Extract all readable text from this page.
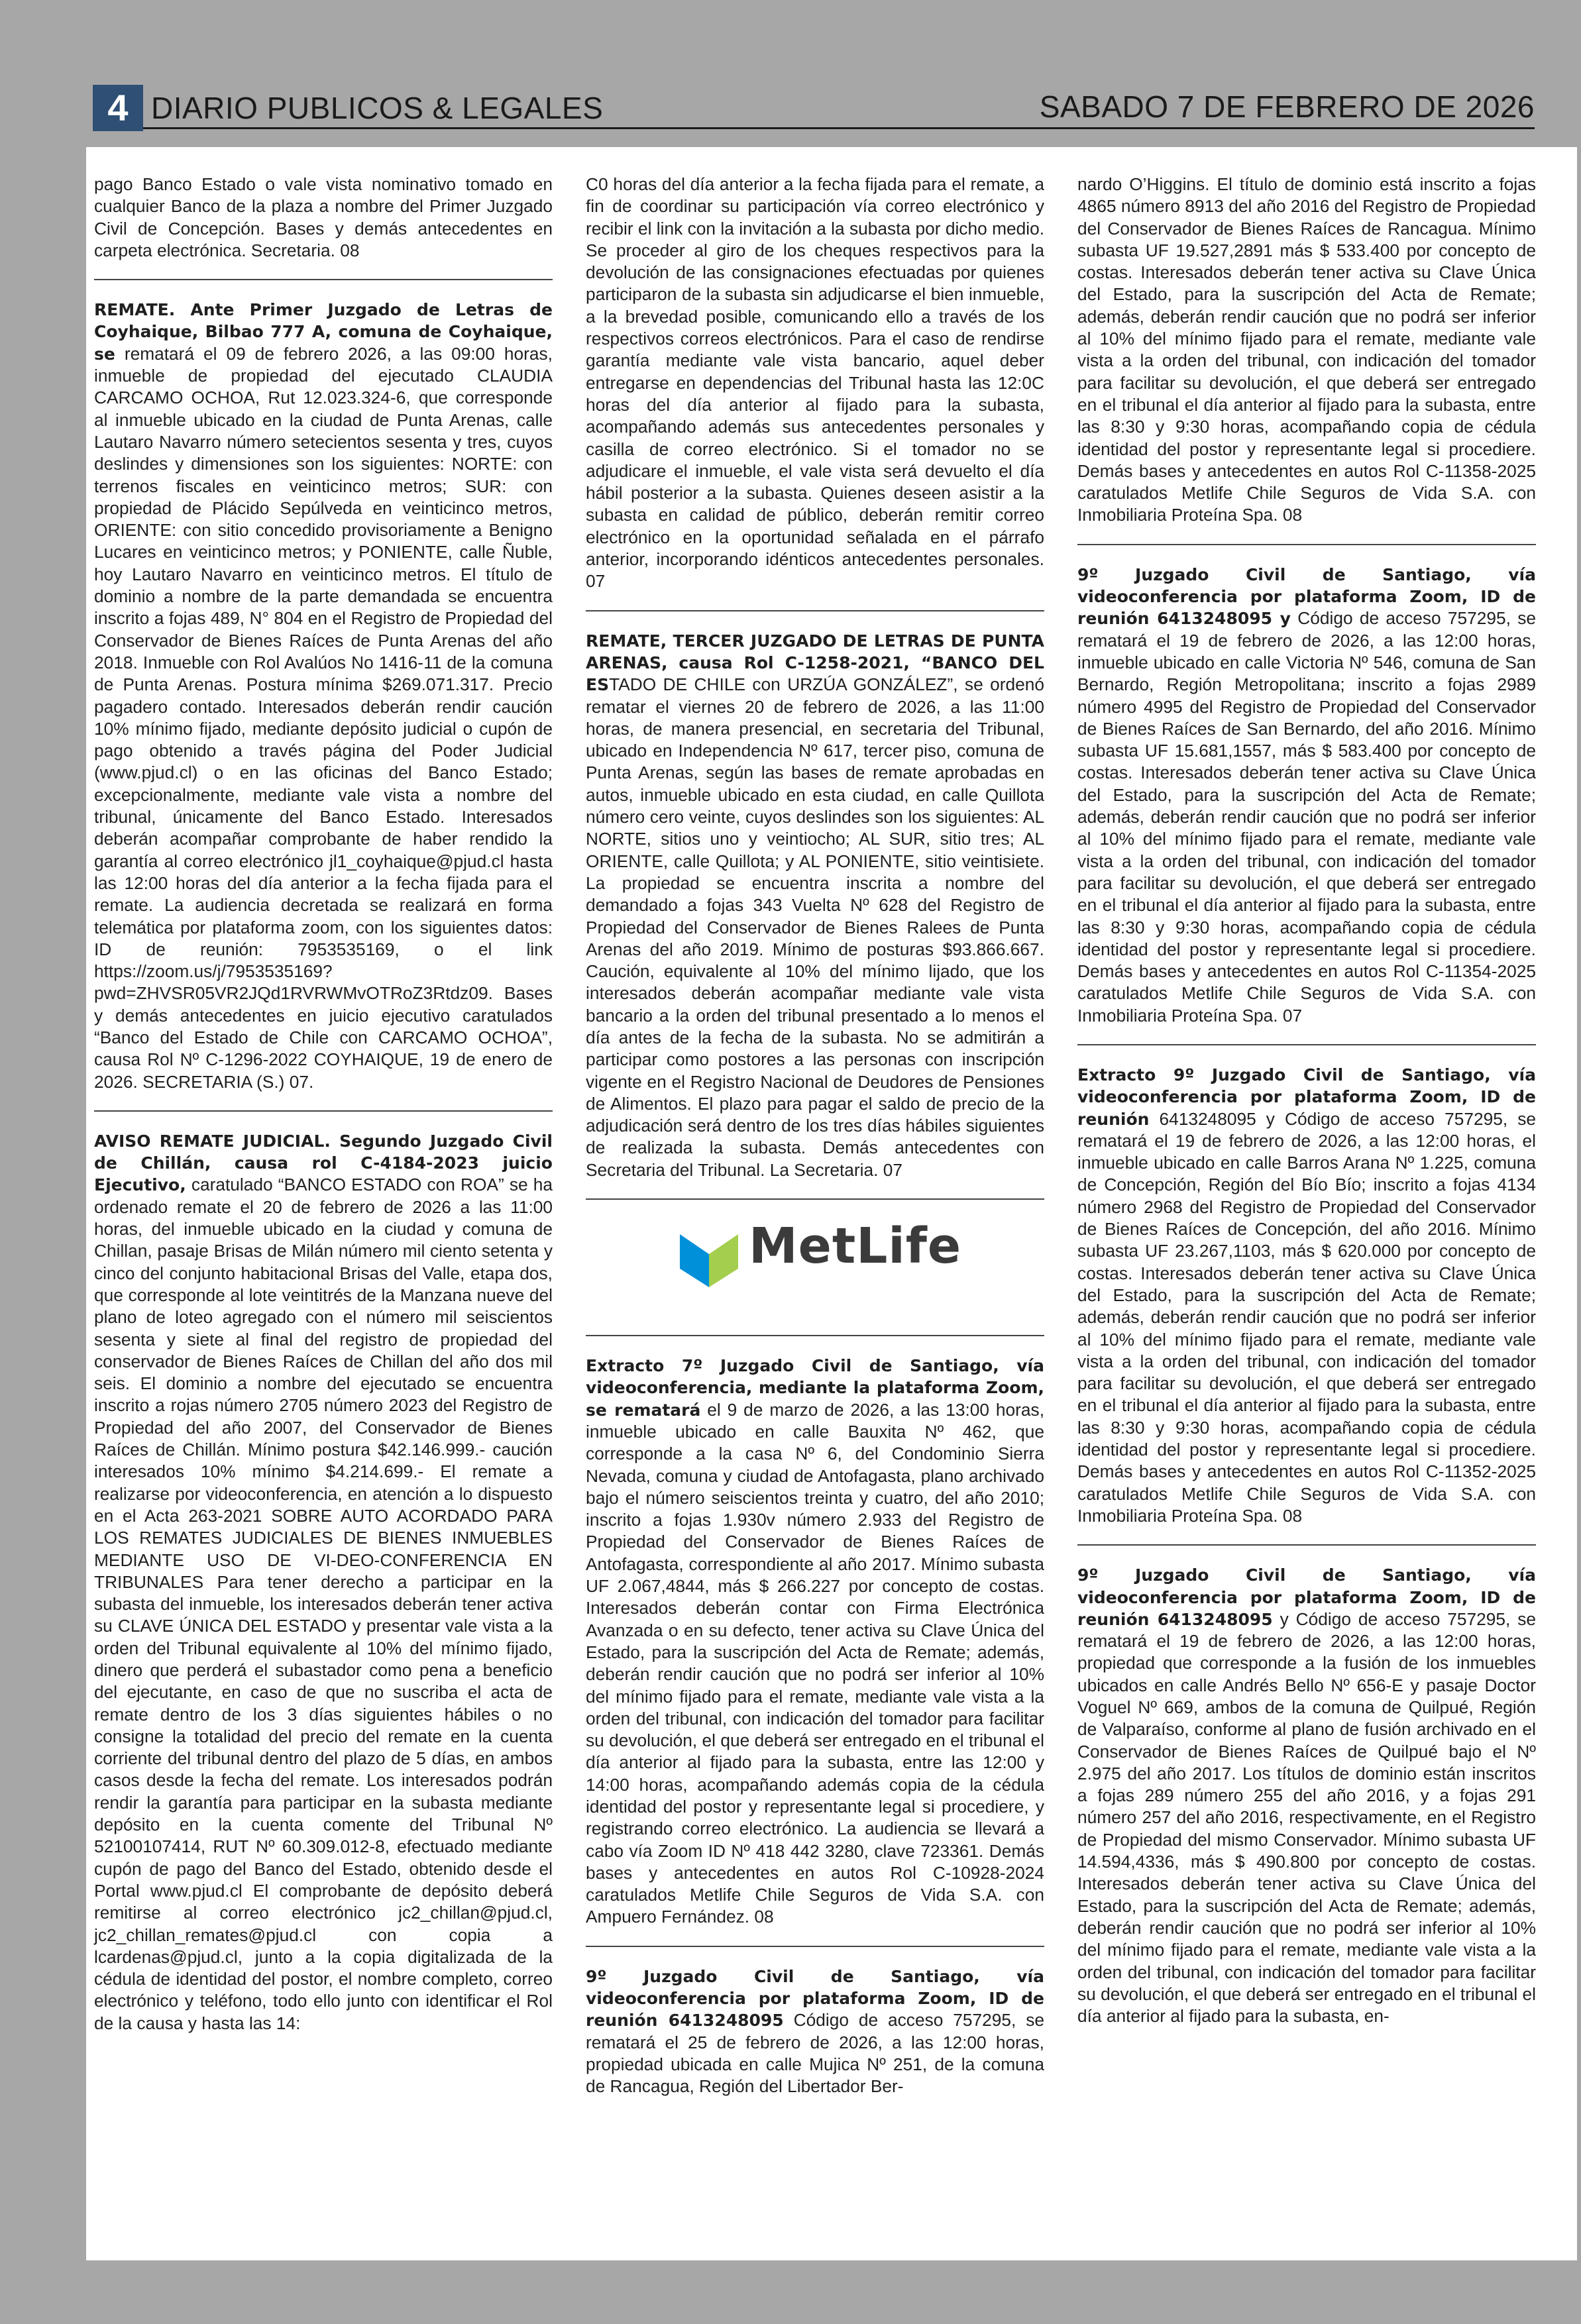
4 DIARIO PUBLICOS & LEGALES	SABADO 7 DE FEBRERO DE 2026

pago Banco Estado o vale vista nominativo tomado en cualquier Banco de la plaza a nombre del Primer Juzgado Civil de Concepción. Bases y demás antecedentes en carpeta electrónica. Secretaria. 08

REMATE. Ante Primer Juzgado de Letras de Coyhaique, Bilbao 777 A, comuna de Coyhaique, se rematará el 09 de febrero 2026, a las 09:00 horas, inmueble de propiedad del ejecutado CLAUDIA CARCAMO OCHOA, Rut 12.023.324-6, que corresponde al inmueble ubicado en la ciudad de Punta Arenas, calle Lautaro Navarro número setecientos sesenta y tres, cuyos deslindes y dimensiones son los siguientes: NORTE: con terrenos fiscales en veinticinco metros; SUR: con propiedad de Plácido Sepúlveda en veinticinco metros, ORIENTE: con sitio concedido provisoriamente a Benigno Lucares en veinticinco metros; y PONIENTE, calle Ñuble, hoy Lautaro Navarro en veinticinco metros. El título de dominio a nombre de la parte demandada se encuentra inscrito a fojas 489, N° 804 en el Registro de Propiedad del Conservador de Bienes Raíces de Punta Arenas del año 2018. Inmueble con Rol Avalúos No 1416-11 de la comuna de Punta Arenas. Postura mínima $269.071.317. Precio pagadero contado. Interesados deberán rendir caución 10% mínimo fijado, mediante depósito judicial o cupón de pago obtenido a través página del Poder Judicial (www.pjud.cl) o en las oficinas del Banco Estado; excepcionalmente, mediante vale vista a nombre del tribunal, únicamente del Banco Estado. Interesados deberán acompañar comprobante de haber rendido la garantía al correo electrónico jl1_coyhaique@pjud.cl hasta las 12:00 horas del día anterior a la fecha fijada para el remate. La audiencia decretada se realizará en forma telemática por plataforma zoom, con los siguientes datos: ID de reunión: 7953535169, o el link https://zoom.us/j/7953535169?pwd=ZHVSR05VR2JQd1RVRWMvOTRoZ3Rtdz09. Bases y demás antecedentes en juicio ejecutivo caratulados “Banco del Estado de Chile con CARCAMO OCHOA”, causa Rol Nº C-1296-2022 COYHAIQUE, 19 de enero de 2026. SECRETARIA (S.) 07.

AVISO REMATE JUDICIAL. Segundo Juzgado Civil de Chillán, causa rol C-4184-2023 juicio Ejecutivo, caratulado “BANCO ESTADO con ROA” se ha ordenado remate el 20 de febrero de 2026 a las 11:00 horas, del inmueble ubicado en la ciudad y comuna de Chillan, pasaje Brisas de Milán número mil ciento setenta y cinco del conjunto habitacional Brisas del Valle, etapa dos, que corresponde al lote veintitrés de la Manzana nueve del plano de loteo agregado con el número mil seiscientos sesenta y siete al final del registro de propiedad del conservador de Bienes Raíces de Chillan del año dos mil seis. El dominio a nombre del ejecutado se encuentra inscrito a rojas número 2705 número 2023 del Registro de Propiedad del año 2007, del Conservador de Bienes Raíces de Chillán. Mínimo postura $42.146.999.- caución interesados 10% mínimo $4.214.699.- El remate a realizarse por videoconferencia, en atención a lo dispuesto en el Acta 263-2021 SOBRE AUTO ACORDADO PARA LOS REMATES JUDICIALES DE BIENES INMUEBLES MEDIANTE USO DE VI-DEO-CONFERENCIA EN TRIBUNALES Para tener derecho a participar en la subasta del inmueble, los interesados deberán tener activa su CLAVE ÚNICA DEL ESTADO y presentar vale vista a la orden del Tribunal equivalente al 10% del mínimo fijado, dinero que perderá el subastador como pena a beneficio del ejecutante, en caso de que no suscriba el acta de remate dentro de los 3 días siguientes hábiles o no consigne la totalidad del precio del remate en la cuenta corriente del tribunal dentro del plazo de 5 días, en ambos casos desde la fecha del remate. Los interesados podrán rendir la garantía para participar en la subasta mediante depósito en la cuenta comente del Tribunal Nº 52100107414, RUT Nº 60.309.012-8, efectuado mediante cupón de pago del Banco del Estado, obtenido desde el Portal www.pjud.cl El comprobante de depósito deberá remitirse al correo electrónico jc2_chillan@pjud.cl, jc2_chillan_remates@pjud.cl con copia a lcardenas@pjud.cl, junto a la copia digitalizada de la cédula de identidad del postor, el nombre completo, correo electrónico y teléfono, todo ello junto con identificar el Rol de la causa y hasta las 14:

C0 horas del día anterior a la fecha fijada para el remate, a fin de coordinar su participación vía correo electrónico y recibir el link con la invitación a la subasta por dicho medio. Se proceder al giro de los cheques respectivos para la devolución de las consignaciones efectuadas por quienes participaron de la subasta sin adjudicarse el bien inmueble, a la brevedad posible, comunicando ello a través de los respectivos correos electrónicos. Para el caso de rendirse garantía mediante vale vista bancario, aquel deber entregarse en dependencias del Tribunal hasta las 12:0C horas del día anterior al fijado para la subasta, acompañando además sus antecedentes personales y casilla de correo electrónico. Si el tomador no se adjudicare el inmueble, el vale vista será devuelto el día hábil posterior a la subasta. Quienes deseen asistir a la subasta en calidad de público, deberán remitir correo electrónico en la oportunidad señalada en el párrafo anterior, incorporando idénticos antecedentes personales. 07

REMATE, TERCER JUZGADO DE LETRAS DE PUNTA ARENAS, causa Rol C-1258-2021, “BANCO DEL ESTADO DE CHILE con URZÚA GONZÁLEZ”, se ordenó rematar el viernes 20 de febrero de 2026, a las 11:00 horas, de manera presencial, en secretaria del Tribunal, ubicado en Independencia Nº 617, tercer piso, comuna de Punta Arenas, según las bases de remate aprobadas en autos, inmueble ubicado en esta ciudad, en calle Quillota número cero veinte, cuyos deslindes son los siguientes: AL NORTE, sitios uno y veintiocho; AL SUR, sitio tres; AL ORIENTE, calle Quillota; y AL PONIENTE, sitio veintisiete. La propiedad se encuentra inscrita a nombre del demandado a fojas 343 Vuelta Nº 628 del Registro de Propiedad del Conservador de Bienes Ralees de Punta Arenas del año 2019. Mínimo de posturas $93.866.667. Caución, equivalente al 10% del mínimo lijado, que los interesados deberán acompañar mediante vale vista bancario a la orden del tribunal presentado a lo menos el día antes de la fecha de la subasta. No se admitirán a participar como postores a las personas con inscripción vigente en el Registro Nacional de Deudores de Pensiones de Alimentos. El plazo para pagar el saldo de precio de la adjudicación será dentro de los tres días hábiles siguientes de realizada la subasta. Demás antecedentes con Secretaria del Tribunal. La Secretaria. 07

MetLife

Extracto 7º Juzgado Civil de Santiago, vía videoconferencia, mediante la plataforma Zoom, se rematará el 9 de marzo de 2026, a las 13:00 horas, inmueble ubicado en calle Bauxita Nº 462, que corresponde a la casa Nº 6, del Condominio Sierra Nevada, comuna y ciudad de Antofagasta, plano archivado bajo el número seiscientos treinta y cuatro, del año 2010; inscrito a fojas 1.930v número 2.933 del Registro de Propiedad del Conservador de Bienes Raíces de Antofagasta, correspondiente al año 2017. Mínimo subasta UF 2.067,4844, más $ 266.227 por concepto de costas. Interesados deberán contar con Firma Electrónica Avanzada o en su defecto, tener activa su Clave Única del Estado, para la suscripción del Acta de Remate; además, deberán rendir caución que no podrá ser inferior al 10% del mínimo fijado para el remate, mediante vale vista a la orden del tribunal, con indicación del tomador para facilitar su devolución, el que deberá ser entregado en el tribunal el día anterior al fijado para la subasta, entre las 12:00 y 14:00 horas, acompañando además copia de la cédula identidad del postor y representante legal si procediere, y registrando correo electrónico. La audiencia se llevará a cabo vía Zoom ID Nº 418 442 3280, clave 723361. Demás bases y antecedentes en autos Rol C-10928-2024 caratulados Metlife Chile Seguros de Vida S.A. con Ampuero Fernández. 08

9º Juzgado Civil de Santiago, vía videoconferencia por plataforma Zoom, ID de reunión 6413248095 Código de acceso 757295, se rematará el 25 de febrero de 2026, a las 12:00 horas, propiedad ubicada en calle Mujica Nº 251, de la comuna de Rancagua, Región del Libertador Ber-

nardo O’Higgins. El título de dominio está inscrito a fojas 4865 número 8913 del año 2016 del Registro de Propiedad del Conservador de Bienes Raíces de Rancagua. Mínimo subasta UF 19.527,2891 más $ 533.400 por concepto de costas. Interesados deberán tener activa su Clave Única del Estado, para la suscripción del Acta de Remate; además, deberán rendir caución que no podrá ser inferior al 10% del mínimo fijado para el remate, mediante vale vista a la orden del tribunal, con indicación del tomador para facilitar su devolución, el que deberá ser entregado en el tribunal el día anterior al fijado para la subasta, entre las 8:30 y 9:30 horas, acompañando copia de cédula identidad del postor y representante legal si procediere. Demás bases y antecedentes en autos Rol C-11358-2025 caratulados Metlife Chile Seguros de Vida S.A. con Inmobiliaria Proteína Spa. 08

9º Juzgado Civil de Santiago, vía videoconferencia por plataforma Zoom, ID de reunión 6413248095 y Código de acceso 757295, se rematará el 19 de febrero de 2026, a las 12:00 horas, inmueble ubicado en calle Victoria Nº 546, comuna de San Bernardo, Región Metropolitana; inscrito a fojas 2989 número 4995 del Registro de Propiedad del Conservador de Bienes Raíces de San Bernardo, del año 2016. Mínimo subasta UF 15.681,1557, más $ 583.400 por concepto de costas. Interesados deberán tener activa su Clave Única del Estado, para la suscripción del Acta de Remate; además, deberán rendir caución que no podrá ser inferior al 10% del mínimo fijado para el remate, mediante vale vista a la orden del tribunal, con indicación del tomador para facilitar su devolución, el que deberá ser entregado en el tribunal el día anterior al fijado para la subasta, entre las 8:30 y 9:30 horas, acompañando copia de cédula identidad del postor y representante legal si procediere. Demás bases y antecedentes en autos Rol C-11354-2025 caratulados Metlife Chile Seguros de Vida S.A. con Inmobiliaria Proteína Spa. 07

Extracto 9º Juzgado Civil de Santiago, vía videoconferencia por plataforma Zoom, ID de reunión 6413248095 y Código de acceso 757295, se rematará el 19 de febrero de 2026, a las 12:00 horas, el inmueble ubicado en calle Barros Arana Nº 1.225, comuna de Concepción, Región del Bío Bío; inscrito a fojas 4134 número 2968 del Registro de Propiedad del Conservador de Bienes Raíces de Concepción, del año 2016. Mínimo subasta UF 23.267,1103, más $ 620.000 por concepto de costas. Interesados deberán tener activa su Clave Única del Estado, para la suscripción del Acta de Remate; además, deberán rendir caución que no podrá ser inferior al 10% del mínimo fijado para el remate, mediante vale vista a la orden del tribunal, con indicación del tomador para facilitar su devolución, el que deberá ser entregado en el tribunal el día anterior al fijado para la subasta, entre las 8:30 y 9:30 horas, acompañando copia de cédula identidad del postor y representante legal si procediere. Demás bases y antecedentes en autos Rol C-11352-2025 caratulados Metlife Chile Seguros de Vida S.A. con Inmobiliaria Proteína Spa. 08

9º Juzgado Civil de Santiago, vía videoconferencia por plataforma Zoom, ID de reunión 6413248095 y Código de acceso 757295, se rematará el 19 de febrero de 2026, a las 12:00 horas, propiedad que corresponde a la fusión de los inmuebles ubicados en calle Andrés Bello Nº 656-E y pasaje Doctor Voguel Nº 669, ambos de la comuna de Quilpué, Región de Valparaíso, conforme al plano de fusión archivado en el Conservador de Bienes Raíces de Quilpué bajo el Nº 2.975 del año 2017. Los títulos de dominio están inscritos a fojas 289 número 255 del año 2016, y a fojas 291 número 257 del año 2016, respectivamente, en el Registro de Propiedad del mismo Conservador. Mínimo subasta UF 14.594,4336, más $ 490.800 por concepto de costas. Interesados deberán tener activa su Clave Única del Estado, para la suscripción del Acta de Remate; además, deberán rendir caución que no podrá ser inferior al 10% del mínimo fijado para el remate, mediante vale vista a la orden del tribunal, con indicación del tomador para facilitar su devolución, el que deberá ser entregado en el tribunal el día anterior al fijado para la subasta, en-
